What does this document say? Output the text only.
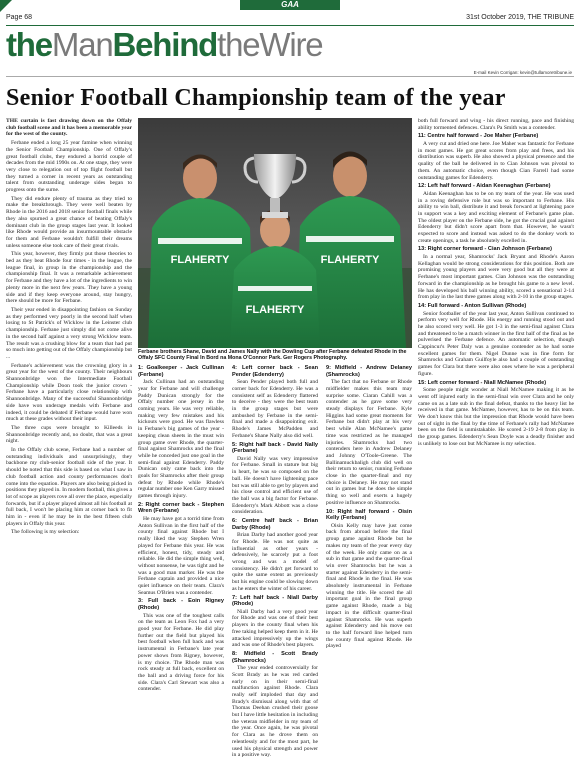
GAA
Page 68	31st October 2019, THE TRIBUNE
theManBehindtheWire
E-mail Kevin Corrigan: kevin@tullamoretribune.ie
Senior Football Championship team of the year

THE curtain is fast drawing down on the Offaly club football scene and it has been a memorable year for the west of the county.

Ferbane ended a long 25 year famine when winning the Senior Football Championship. One of Offaly's great football clubs, they endured a horrid couple of decades from the mid 1990s on. At one stage, they were very close to relegation out of top flight football but they turned a corner in recent years as outstanding talent from outstanding underage sides began to progress onto the surne.

They did endure plenty of trauma as they tried to make the breakthrough. They were well beaten by Rhode in the 2016 and 2018 senior football finals while they also spurned a great chance of beating Offaly's dominant club in the group stages last year. It looked like Rhode would provide an insurmountable obstacle for them and Ferbane wouldn't fulfill their dreams unless someone else took care of their great rivals.

This year, however, they firmly put those theories to bed as they beat Rhode four times - in the league, the league final, in group in the championship and the championship final. It was a remarkable achievement for Ferbane and they have a lot of the ingredients to win plenty more in the next few years. They have a young side and if they keep everyone around, stay hungry, there should be more for Ferbane.

Their year ended in disappointing fashion on Sunday as they performed very poorly in the second half when losing to St Patrick's of Wicklow in the Leinster club championship. Ferbane just simply did not come alive in the second half against a very strong Wicklow team. The result was a crushing blow for a team that had put so much into getting out of the Offaly championship but ...

Ferbane's achievement was the crowning glory in a great year for the west of the county. Their neighbours Shannonbridge won the Intermediate Football Championship while Doon took the junior crown - Ferbane have a particularly close relationship with Shannonbridge. Many of the successful Shannonbridge side have won underage medals with Ferbane and indeed, it could be debated if Ferbane would have won much at these grades without their input.

The three cups were brought to Killeeds in Shannonbridge recently and, no doubt, that was a great night.

In the Offaly club scene, Ferbane had a number of outstanding individuals and unsurprisingly, they backbone my club-senior football side of the year. It should be noted that this side is based on what I saw in club football action and county performances don't come into the equation. Players are also being picked in positions they played in. In modern football, this gives a lot of scope as players rove all over the place, especially forwards, but if a player played almost all his football at full back, I won't be placing him at corner back to fit him in - even if he may be in the best fifteen club players in Offaly this year.

The following is my selection:

FLAHERTY
FLAHERTY
FLAHERTY
Ferbane brothers Shane, David and James Nally with the Dowling Cup after Ferbane defeated Rhode in the Offaly SFC County Final In Bord na Mona O'Connor Park. Ger Rogers Photography.
1: Goalkeeper - Jack Cullinan (Ferbane)

Jack Cullinan had an outstanding year for Ferbane and will challenge Paddy Dunican strongly for the Offaly number one jersey in the coming years. He was very reliable, making very few mistakes and his kickouts were good. He was flawless in Ferbane's big games of the year - keeping clean sheets in the must win group game over Rhode, the quarter-final against Shamrocks and the final while he conceded just one goal in the semi-final against Edenderry. Paddy Dunican only came back into the goals for Shamrocks after their group defeat by Rhode while Rhode's regular number one Ken Garry missed games through injury.

2: Right corner back - Stephen Wren (Ferbane)

He may have got a torrid time from Anton Sullivan in the first half of the county final against Rhode but I really liked the way Stephen Wren played for Ferbane this year. He was efficient, honest, tidy, steady and reliable. He did the simple thing well, without nonsense, he was tight and he was a good man marker. He was the Ferbane captain and provided a nice quiet influence on their team. Clara's Seamus O'Brien was a contender.

3: Full back - Eoin Rigney (Rhode)

This was one of the toughest calls on the team as Leon Fox had a very good year for Ferbane. He did play further out the field but played his best football when full back and was instrumental in Ferbane's late year power shows from Rigney, however, is my choice. The Rhode man was rock steady at full back, excellent on the ball and a driving force for his side. Clara's Carl Stewart was also a contender.

4: Left corner back - Sean Pender (Edenderry)

Sean Pender played both full and corner back for Edenderry. He was a consistent self as Edenderry flattered to deceive - they were the best team in the group stages but were ambushed by Ferbane in the semi-final and made a disappointing exit. Rhode's James McPadden and Ferbane's Shane Nally also did well.

5: Right half back - David Nally (Ferbane)

David Nally was very impressive for Ferbane. Small in stature but big in heart, he was so composed on the ball. He doesn't have lightening pace but was still able to get by players and his close control and efficient use of the ball was a big factor for Ferbane. Edenderry's Mark Abbott was a close consideration.

6: Centre half back - Brian Darby (Rhode)

Brian Darby had another good year for Rhode. He was not quite as influential as other years - defensively, he scarcely put a foot wrong and was a model of consistency. He didn't get forward to quite the same extent as previously but his engine could be slowing down as he enters the winter of his career.

7: Left half back - Niall Darby (Rhode)

Niall Darby had a very good year for Rhode and was one of their best players in the county final when his free taking helped keep them in it. He attacked impressively up the wings and was one of Rhode's best players.

8: Midfield - Scott Brady (Shamrocks)

The year ended controversially for Scott Brady as he was red carded early on in their semi-final malfunction against Rhode. Clara really self imploded that day and Brady's dismissal along with that of Thomas Deehan crushed their goose but I have little hesitation in including the veteran midfielder in my team of the year. Once again, he was pivotal for Clara as he drove them on relentlessly and for the most part, he used his physical strength and power in a positive way.

9: Midfield - Andrew Delaney (Shamrocks)

The fact that no Ferbane or Rhode midfielder makes this team may surprise some. Ciaran Cahill was a contender as he gave some very steady displays for Ferbane. Kyle Higgins had some great moments for Ferbane but didn't play at his very best while Alan McNamee's game time was restricted as he managed injuries. Shamrocks had two contenders here in Andrew Delaney and Johnny O'Toole-Greene. The Ballinamuckbaligh club did well on their return to senior, running Ferbane close in the quarter-final and my choice is Delaney. He may not stand out in games but he does the simple thing so well and exerts a hugely positive influence on Shamrocks.

10: Right half forward - Oisin Kelly (Ferbane)

Oisin Kelly may have just come back from abroad before the final group game against Rhode but he makes my team of the year every day of the week. He only came on as a sub in that game and the quarter-final win over Shamrocks but he was a starter against Edenderry in the semi-final and Rhode in the final. He was absolutely instrumental in Ferbane winning the title. He scored the all important goal in the final group game against Rhode, made a big impact in the difficult quarter-final against Shamrocks. He was superb against Edenderry and his move out to the half forward line helped turn the county final against Rhode. He played

both full forward and wing - his direct running, pace and finishing ability tormented defences. Clara's Pa Smith was a contender.

11: Centre half forward - Joe Maher (Ferbane)

A very cut and dried one here. Joe Maher was fantastic for Ferbane in most games. He got great scores from play and frees, and his distribution was superb. He also showed a physical presence and the quality of the ball he delivered in to Cian Johnson was pivotal to them. An automatic choice, even though Cian Farrell had some outstanding games for Edenderry.

12: Left half forward - Aidan Keenaghan (Ferbane)

Aidan Keenaghan has to be on my team of the year. He was used in a roving defensive role but was so important to Ferbane. His ability to win ball, distribute it and break forward at lightening pace in support was a key and exciting element of Ferbane's game plan. The oldest player on the Ferbane side, he got the crucial goal against Edenderry but didn't score apart from that. However, he wasn't expected to score and instead was asked to do the donkey work to create openings, a task he absolutely excelled in.

13: Right corner forward - Cian Johnson (Ferbane)

In a normal year, Shamrocks' Jack Bryant and Rhode's Aaron Kellaghan would be strong considerations for this position. Both are promising young players and were very good but all they were at Ferbane's most important games. Cian Johnson was the outstanding forward in the championship as he brought his game to a new level. He has developed his ball winning ability, scored a sensational 2-14 from play in the last three games along with 2-10 in the group stages.

14: Full forward - Anton Sullivan (Rhode)

Senior footballer of the year last year, Anton Sullivan continued to perform very well for Rhode. His energy and running stood out and he also scored very well. He got 1-3 in the semi-final against Clara and threatened to be a match winner in the first half of the final as he pulverised the Ferbane defence. An automatic selection, though Cappincur's Peter Daly was a genuine contender as he had some excellent games for them. Nigel Dunne was in fine form for Shamrocks and Graham Guilfoyle also had a couple of outstanding games for Clara but there were also ones where he was a peripheral figure.

15: Left corner forward - Niall McNamee (Rhode)

Some people might wonder at Niall McNamee making it as he went off injured early in the semi-final win over Clara and he only came on as a late sub in the final defeat, thanks to the heavy list he received in that game. McNamee, however, has to be on this team. We don't know this but the impression that Rhode would have been out of sight in the final by the time of Ferbane's rally had McNamee been on the field is unmistakable. He scored 2-19 2-8 from play in the group games. Edenderry's Sean Doyle was a deadly finisher and is unlikely to lose out but McNamee is my selection.
